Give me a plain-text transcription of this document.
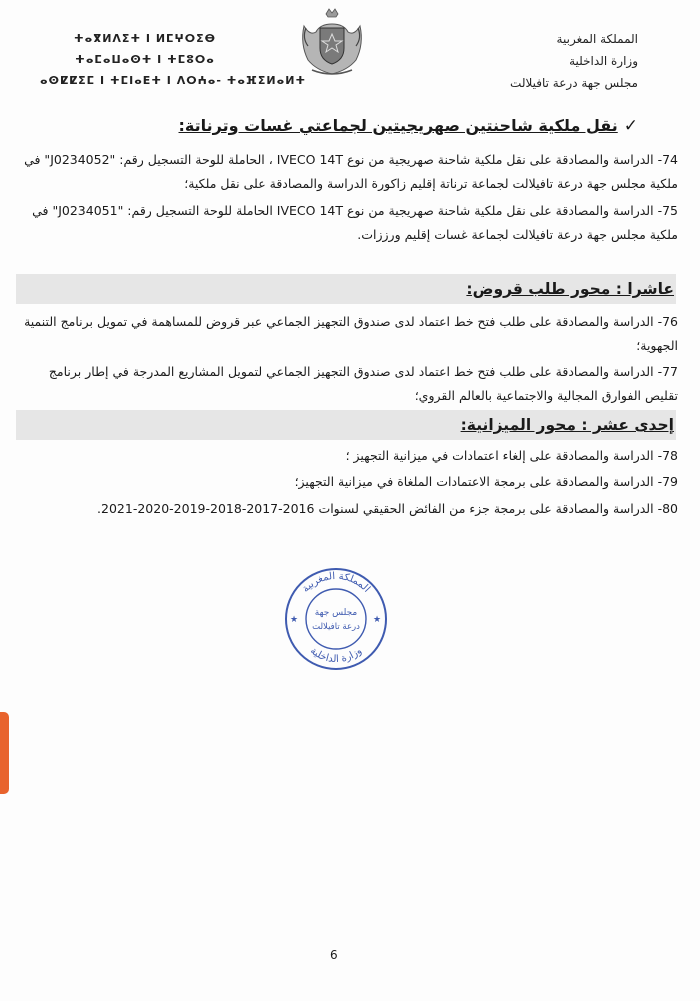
المملكة المغربية
وزارة الداخلية
مجلس جهة درعة تافيلالت
ⵜⴰⴳⵍⴷⵉⵜ ⵏ ⵍⵎⵖⵔⵉⴱ
ⵜⴰⵎⴰⵡⴰⵙⵜ ⵏ ⵜⵎⵓⵔⴰ
ⴰⵙⵇⵇⵉⵎ ⵏ ⵜⵎⵏⴰⴹⵜ ⵏ ⴷⵔⵄⴰ- ⵜⴰⴼⵉⵍⴰⵍⵜ
✓نقل ملكية شاحنتين صهريجيتين لجماعتي غسات وترناتة:
74- الدراسة والمصادقة على نقل ملكية شاحنة صهريجية من نوع IVECO 14T ، الحاملة للوحة التسجيل رقم: "J0234052" في ملكية مجلس جهة درعة تافيلالت لجماعة ترناتة إقليم زاكورة الدراسة والمصادقة على نقل ملكية؛
75- الدراسة والمصادقة على نقل ملكية شاحنة صهريجية من نوع IVECO 14T الحاملة للوحة التسجيل رقم: "J0234051" في ملكية مجلس جهة درعة تافيلالت لجماعة غسات إقليم ورززات.
عاشرا : محور طلب قروض:
76- الدراسة والمصادقة على طلب فتح خط اعتماد لدى صندوق التجهيز الجماعي عبر قروض للمساهمة في تمويل برنامج التنمية الجهوية؛
77- الدراسة والمصادقة على طلب فتح خط اعتماد لدى صندوق التجهيز الجماعي لتمويل المشاريع المدرجة في إطار برنامج تقليص الفوارق المجالية والاجتماعية بالعالم القروي؛
إحدى عشر : محور الميزانية:
78- الدراسة والمصادقة على إلغاء اعتمادات في ميزانية التجهيز ؛
79- الدراسة والمصادقة على برمجة الاعتمادات الملغاة في ميزانية التجهيز؛
80- الدراسة والمصادقة على برمجة جزء من الفائض الحقيقي لسنوات 2016-2017-2018-2019-2020-2021.
المملكة المغربية
وزارة الداخلية
★	★
مجلس جهة
درعة تافيلالت
6
